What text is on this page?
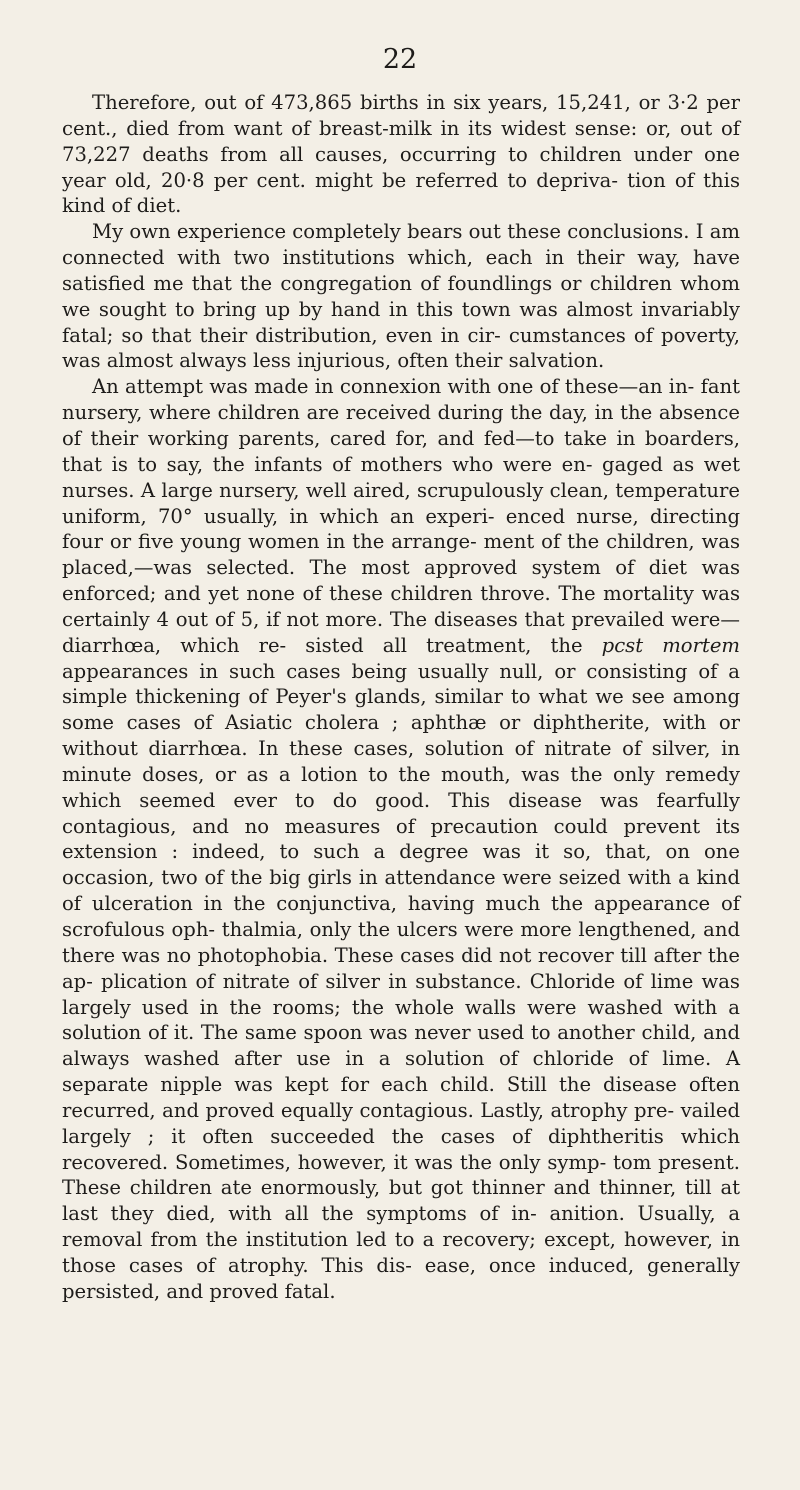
22

Therefore, out of 473,865 births in six years, 15,241, or 3·2 per cent., died from want of breast-milk in its widest sense: or, out of 73,227 deaths from all causes, occurring to children under one year old, 20·8 per cent. might be referred to depriva- tion of this kind of diet.

My own experience completely bears out these conclusions. I am connected with two institutions which, each in their way, have satisfied me that the congregation of foundlings or children whom we sought to bring up by hand in this town was almost invariably fatal; so that their distribution, even in cir- cumstances of poverty, was almost always less injurious, often their salvation.

An attempt was made in connexion with one of these—an in- fant nursery, where children are received during the day, in the absence of their working parents, cared for, and fed—to take in boarders, that is to say, the infants of mothers who were en- gaged as wet nurses. A large nursery, well aired, scrupulously clean, temperature uniform, 70° usually, in which an experi- enced nurse, directing four or five young women in the arrange- ment of the children, was placed,—was selected. The most approved system of diet was enforced; and yet none of these children throve. The mortality was certainly 4 out of 5, if not more. The diseases that prevailed were—diarrhœa, which re- sisted all treatment, the pcst mortem appearances in such cases being usually null, or consisting of a simple thickening of Peyer's glands, similar to what we see among some cases of Asiatic cholera ; aphthæ or diphtherite, with or without diarrhœa. In these cases, solution of nitrate of silver, in minute doses, or as a lotion to the mouth, was the only remedy which seemed ever to do good. This disease was fearfully contagious, and no measures of precaution could prevent its extension : indeed, to such a degree was it so, that, on one occasion, two of the big girls in attendance were seized with a kind of ulceration in the conjunctiva, having much the appearance of scrofulous oph- thalmia, only the ulcers were more lengthened, and there was no photophobia. These cases did not recover till after the ap- plication of nitrate of silver in substance. Chloride of lime was largely used in the rooms; the whole walls were washed with a solution of it. The same spoon was never used to another child, and always washed after use in a solution of chloride of lime. A separate nipple was kept for each child. Still the disease often recurred, and proved equally contagious. Lastly, atrophy pre- vailed largely ; it often succeeded the cases of diphtheritis which recovered. Sometimes, however, it was the only symp- tom present. These children ate enormously, but got thinner and thinner, till at last they died, with all the symptoms of in- anition. Usually, a removal from the institution led to a recovery; except, however, in those cases of atrophy. This dis- ease, once induced, generally persisted, and proved fatal.
